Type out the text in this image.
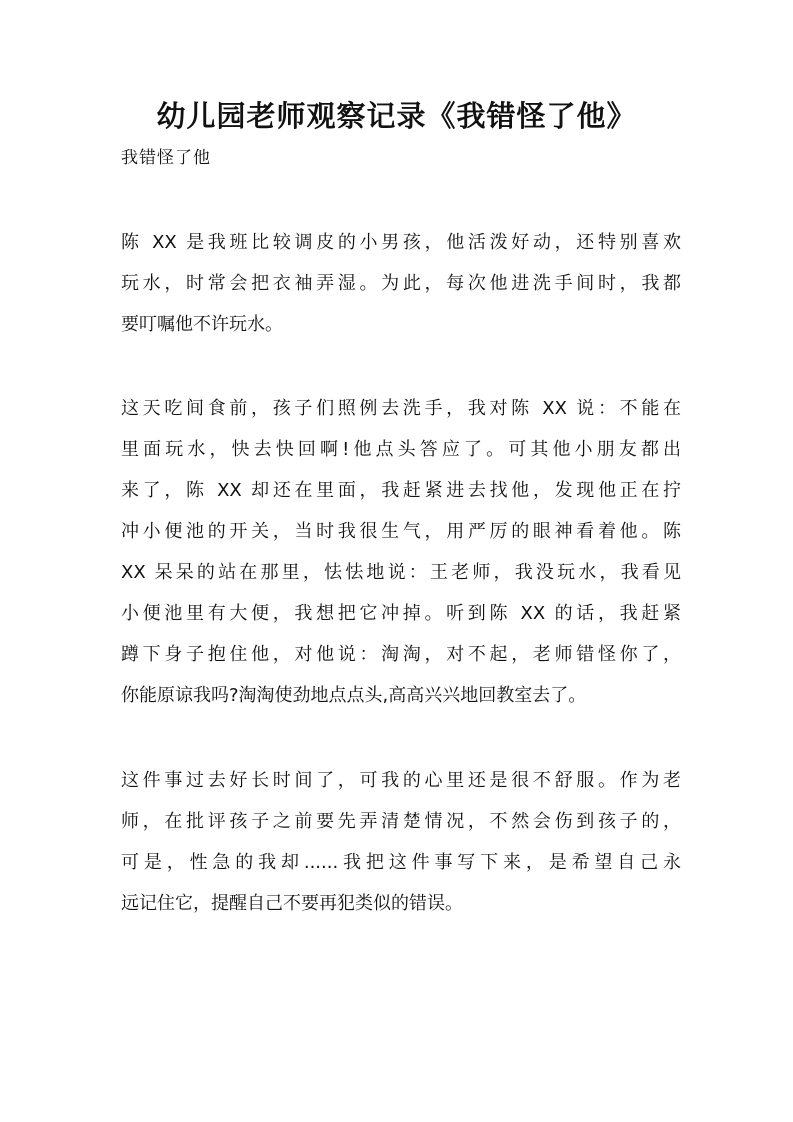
幼儿园老师观察记录《我错怪了他》
我错怪了他
陈 XX 是我班比较调皮的小男孩，他活泼好动，还特别喜欢
玩水，时常会把衣袖弄湿。为此，每次他进洗手间时，我都
要叮嘱他不许玩水。
这天吃间食前，孩子们照例去洗手，我对陈 XX 说：不能在
里面玩水，快去快回啊!他点头答应了。可其他小朋友都出
来了，陈 XX 却还在里面，我赶紧进去找他，发现他正在拧
冲小便池的开关，当时我很生气，用严厉的眼神看着他。陈
XX 呆呆的站在那里，怯怯地说：王老师，我没玩水，我看见
小便池里有大便，我想把它冲掉。听到陈 XX 的话，我赶紧
蹲下身子抱住他，对他说：淘淘，对不起，老师错怪你了，
你能原谅我吗?淘淘使劲地点点头,高高兴兴地回教室去了。
这件事过去好长时间了，可我的心里还是很不舒服。作为老
师，在批评孩子之前要先弄清楚情况，不然会伤到孩子的，
可是，性急的我却......我把这件事写下来，是希望自己永
远记住它，提醒自己不要再犯类似的错误。
